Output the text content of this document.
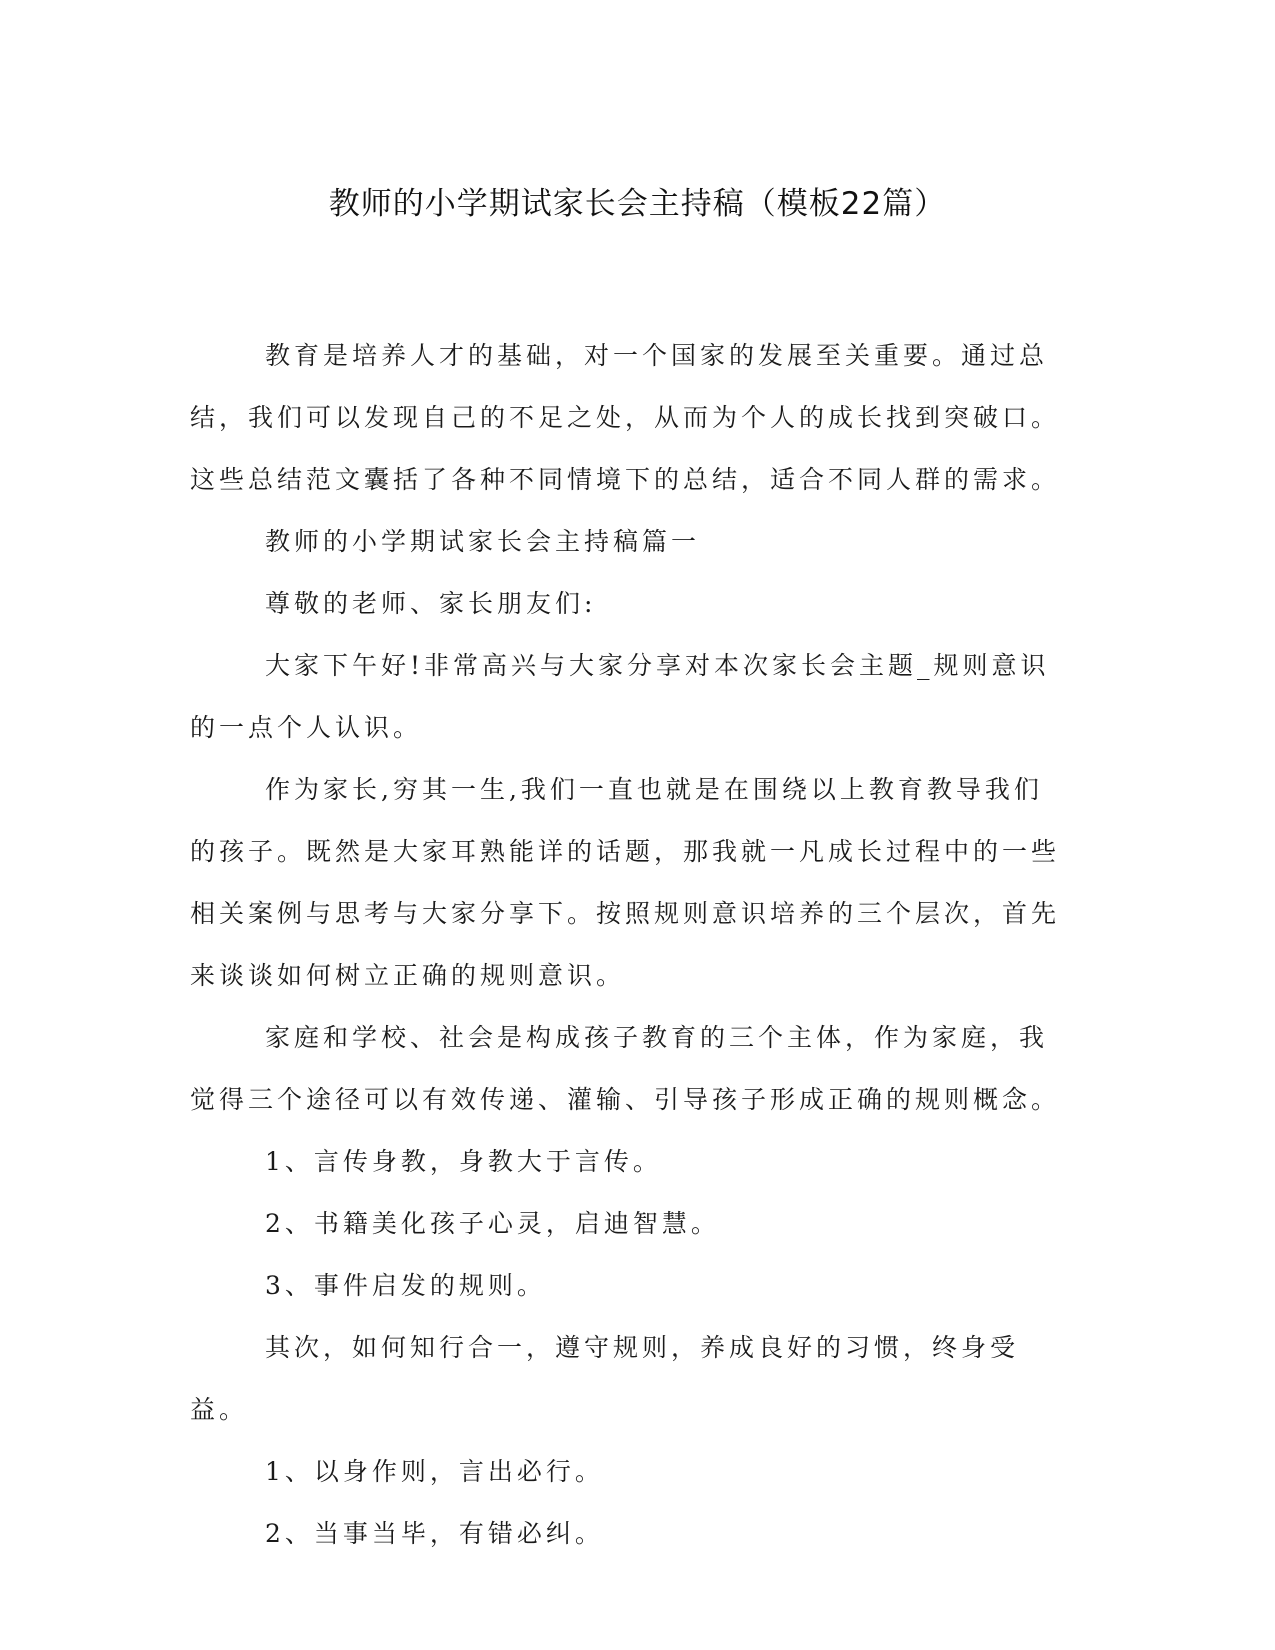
教师的小学期试家长会主持稿（模板22篇）

教育是培养人才的基础，对一个国家的发展至关重要。通过总结，我们可以发现自己的不足之处，从而为个人的成长找到突破口。这些总结范文囊括了各种不同情境下的总结，适合不同人群的需求。

教师的小学期试家长会主持稿篇一

尊敬的老师、家长朋友们:

大家下午好!非常高兴与大家分享对本次家长会主题_规则意识的一点个人认识。

作为家长,穷其一生,我们一直也就是在围绕以上教育教导我们的孩子。既然是大家耳熟能详的话题，那我就一凡成长过程中的一些相关案例与思考与大家分享下。按照规则意识培养的三个层次，首先来谈谈如何树立正确的规则意识。

家庭和学校、社会是构成孩子教育的三个主体，作为家庭，我觉得三个途径可以有效传递、灌输、引导孩子形成正确的规则概念。

1、言传身教，身教大于言传。

2、书籍美化孩子心灵，启迪智慧。

3、事件启发的规则。

其次，如何知行合一，遵守规则，养成良好的习惯，终身受益。

1、以身作则，言出必行。

2、当事当毕，有错必纠。
